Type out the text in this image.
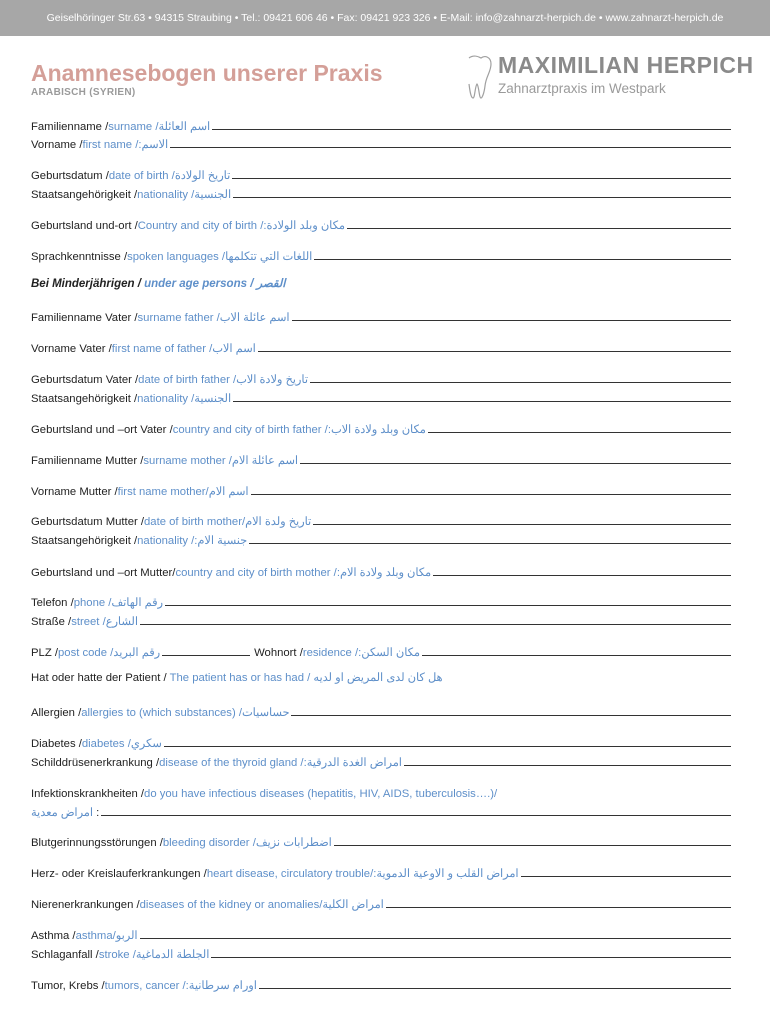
Geiselhöringer Str.63 • 94315 Straubing • Tel.: 09421 606 46 • Fax: 09421 923 326 • E-Mail: info@zahnarzt-herpich.de • www.zahnarzt-herpich.de
Anamnesebogen unserer Praxis
ARABISCH (SYRIEN)
MAXIMILIAN HERPICH
Zahnarztpraxis im Westpark
Familienname / surname / اسم العائلة
Vorname / first name / الاسم:
Geburtsdatum / date of birth / تاريخ الولادة
Staatsangehörigkeit / nationality / الجنسية
Geburtsland und-ort / Country and city of birth / مكان وبلد الولادة:
Sprachkenntnisse / spoken languages / اللغات التي تتكلمها
Bei Minderjährigen / under age persons / القصر
Familienname Vater / surname father / اسم عائلة الاب
Vorname Vater / first name of father / اسم الاب
Geburtsdatum Vater / date of birth father / تاريخ ولادة الاب
Staatsangehörigkeit / nationality / الجنسية
Geburtsland und –ort Vater / country and city of birth father / مكان وبلد ولادة الاب:
Familienname Mutter / surname mother / اسم عائلة الام
Vorname Mutter / first name mother/ اسم الام
Geburtsdatum Mutter / date of birth mother/ تاريخ ولدة الام
Staatsangehörigkeit / nationality / جنسية الام:
Geburtsland und –ort Mutter/ country and city of birth mother / مكان وبلد ولادة الام:
Telefon / phone / رقم الهاتف
Straße / street / الشارع
PLZ / post code / رقم البريد	Wohnort / residence / مكان السكن:
Hat oder hatte der Patient / The patient has or has had / هل كان لدى المريض او لديه
Allergien / allergies to (which substances) / حساسيات
Diabetes / diabetes / سكري
Schilddrüsenerkrankung / disease of the thyroid gland / امراض الغدة الدرقية:
Infektionskrankheiten / do you have infectious diseases (hepatitis, HIV, AIDS, tuberculosis….)/
امراض معدية :
Blutgerinnungsstörungen / bleeding disorder / اضطرابات نزيف
Herz- oder Kreislauferkrankungen / heart disease, circulatory trouble/ امراض القلب و الاوعية الدموية:
Nierenerkrankungen / diseases of the kidney or anomalies/ امراض الكلية
Asthma / asthma/ الربو
Schlaganfall / stroke / الجلطة الدماغية
Tumor, Krebs / tumors, cancer / اورام سرطانية:
